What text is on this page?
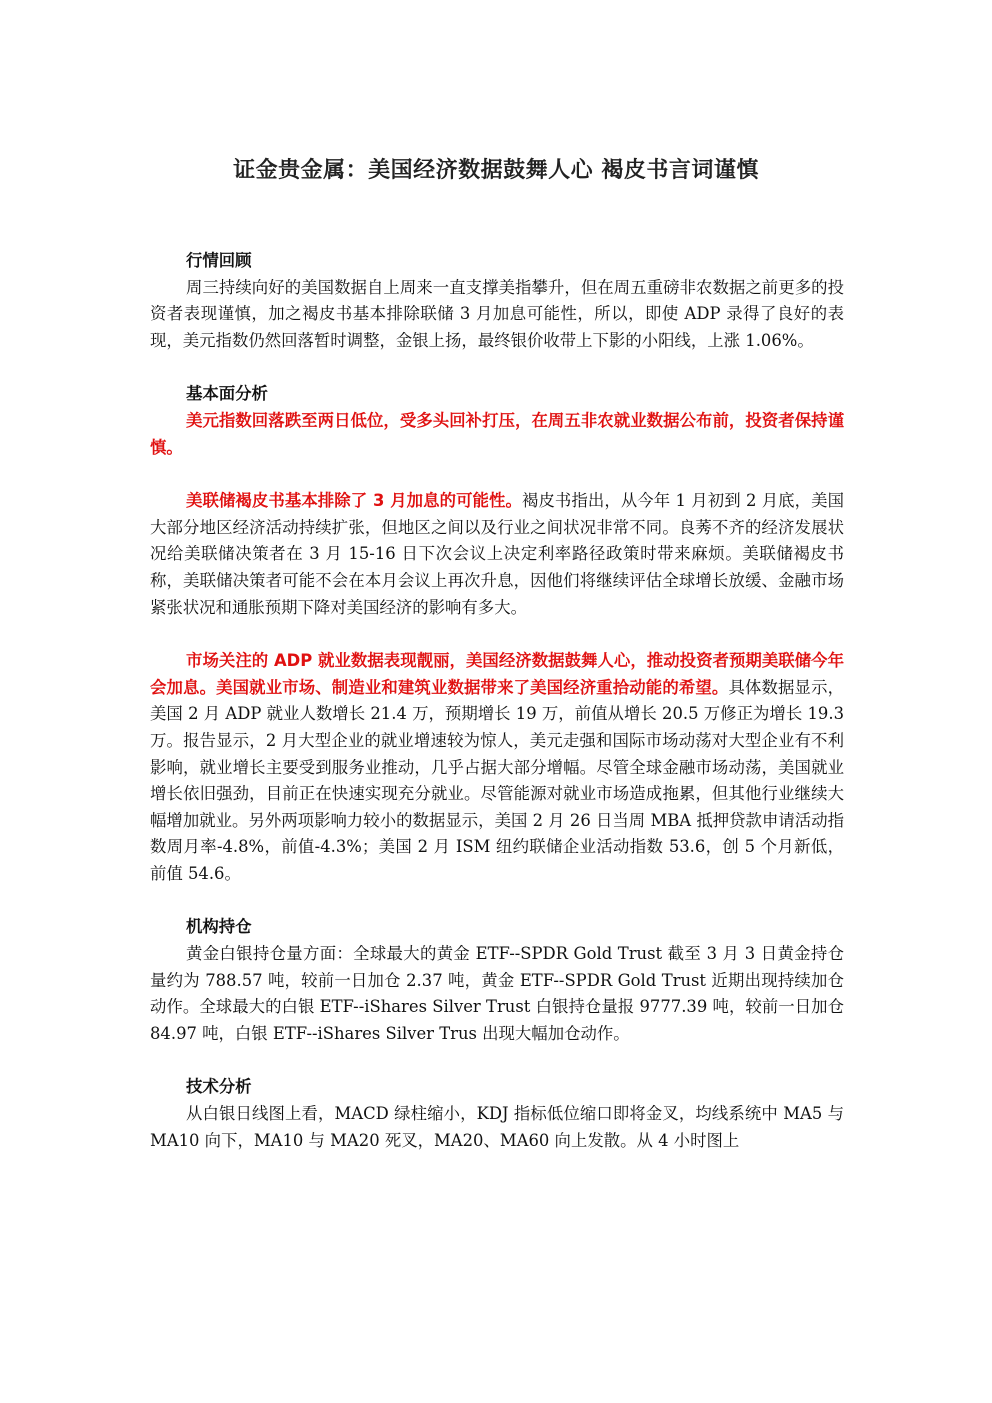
证金贵金属：美国经济数据鼓舞人心 褐皮书言词谨慎

行情回顾

周三持续向好的美国数据自上周来一直支撑美指攀升，但在周五重磅非农数据之前更多的投资者表现谨慎，加之褐皮书基本排除联储 3 月加息可能性，所以，即使 ADP 录得了良好的表现，美元指数仍然回落暂时调整，金银上扬，最终银价收带上下影的小阳线，上涨 1.06%。

基本面分析

美元指数回落跌至两日低位，受多头回补打压，在周五非农就业数据公布前，投资者保持谨慎。

美联储褐皮书基本排除了 3 月加息的可能性。褐皮书指出，从今年 1 月初到 2 月底，美国大部分地区经济活动持续扩张，但地区之间以及行业之间状况非常不同。良莠不齐的经济发展状况给美联储决策者在 3 月 15-16 日下次会议上决定利率路径政策时带来麻烦。美联储褐皮书称，美联储决策者可能不会在本月会议上再次升息，因他们将继续评估全球增长放缓、金融市场紧张状况和通胀预期下降对美国经济的影响有多大。

市场关注的 ADP 就业数据表现靓丽，美国经济数据鼓舞人心，推动投资者预期美联储今年会加息。美国就业市场、制造业和建筑业数据带来了美国经济重拾动能的希望。具体数据显示，美国 2 月 ADP 就业人数增长 21.4 万，预期增长 19 万，前值从增长 20.5 万修正为增长 19.3 万。报告显示，2 月大型企业的就业增速较为惊人，美元走强和国际市场动荡对大型企业有不利影响，就业增长主要受到服务业推动，几乎占据大部分增幅。尽管全球金融市场动荡，美国就业增长依旧强劲，目前正在快速实现充分就业。尽管能源对就业市场造成拖累，但其他行业继续大幅增加就业。另外两项影响力较小的数据显示，美国 2 月 26 日当周 MBA 抵押贷款申请活动指数周月率-4.8%，前值-4.3%；美国 2 月 ISM 纽约联储企业活动指数 53.6，创 5 个月新低，前值 54.6。

机构持仓

黄金白银持仓量方面：全球最大的黄金 ETF--SPDR Gold Trust 截至 3 月 3 日黄金持仓量约为 788.57 吨，较前一日加仓 2.37 吨，黄金 ETF--SPDR Gold Trust 近期出现持续加仓动作。全球最大的白银 ETF--iShares Silver Trust 白银持仓量报 9777.39 吨，较前一日加仓 84.97 吨，白银 ETF--iShares Silver Trus 出现大幅加仓动作。

技术分析

从白银日线图上看，MACD 绿柱缩小，KDJ 指标低位缩口即将金叉，均线系统中 MA5 与 MA10 向下，MA10 与 MA20 死叉，MA20、MA60 向上发散。从 4 小时图上
